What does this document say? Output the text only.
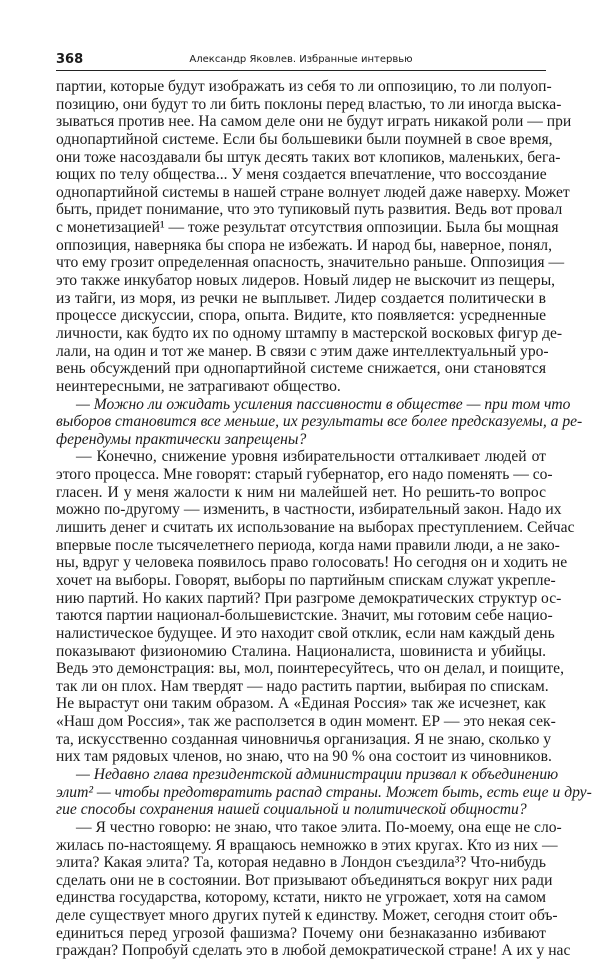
368	Александр Яковлев. Избранные интервью
партии, которые будут изображать из себя то ли оппозицию, то ли полуоп-
позицию, они будут то ли бить поклоны перед властью, то ли иногда выска-
зываться против нее. На самом деле они не будут играть никакой роли — при
однопартийной системе. Если бы большевики были поумней в свое время,
они тоже насоздавали бы штук десять таких вот клопиков, маленьких, бега-
ющих по телу общества... У меня создается впечатление, что воссоздание
однопартийной системы в нашей стране волнует людей даже наверху. Может
быть, придет понимание, что это тупиковый путь развития. Ведь вот провал
с монетизацией¹ — тоже результат отсутствия оппозиции. Была бы мощная
оппозиция, наверняка бы спора не избежать. И народ бы, наверное, понял,
что ему грозит определенная опасность, значительно раньше. Оппозиция —
это также инкубатор новых лидеров. Новый лидер не выскочит из пещеры,
из тайги, из моря, из речки не выплывет. Лидер создается политически в
процессе дискуссии, спора, опыта. Видите, кто появляется: усредненные
личности, как будто их по одному штампу в мастерской восковых фигур де-
лали, на один и тот же манер. В связи с этим даже интеллектуальный уро-
вень обсуждений при однопартийной системе снижается, они становятся
неинтересными, не затрагивают общество.
— Можно ли ожидать усиления пассивности в обществе — при том что
выборов становится все меньше, их результаты все более предсказуемы, а ре-
ферендумы практически запрещены?
— Конечно, снижение уровня избирательности отталкивает людей от
этого процесса. Мне говорят: старый губернатор, его надо поменять — со-
гласен. И у меня жалости к ним ни малейшей нет. Но решить-то вопрос
можно по-другому — изменить, в частности, избирательный закон. Надо их
лишить денег и считать их использование на выборах преступлением. Сейчас
впервые после тысячелетнего периода, когда нами правили люди, а не зако-
ны, вдруг у человека появилось право голосовать! Но сегодня он и ходить не
хочет на выборы. Говорят, выборы по партийным спискам служат укрепле-
нию партий. Но каких партий? При разгроме демократических структур ос-
таются партии национал-большевистские. Значит, мы готовим себе нацио-
налистическое будущее. И это находит свой отклик, если нам каждый день
показывают физиономию Сталина. Националиста, шовиниста и убийцы.
Ведь это демонстрация: вы, мол, поинтересуйтесь, что он делал, и поищите,
так ли он плох. Нам твердят — надо растить партии, выбирая по спискам.
Не вырастут они таким образом. А «Единая Россия» так же исчезнет, как
«Наш дом Россия», так же расползется в один момент. ЕР — это некая сек-
та, искусственно созданная чиновничья организация. Я не знаю, сколько у
них там рядовых членов, но знаю, что на 90 % она состоит из чиновников.
— Недавно глава президентской администрации призвал к объединению
элит² — чтобы предотвратить распад страны. Может быть, есть еще и дру-
гие способы сохранения нашей социальной и политической общности?
— Я честно говорю: не знаю, что такое элита. По-моему, она еще не сло-
жилась по-настоящему. Я вращаюсь немножко в этих кругах. Кто из них —
элита? Какая элита? Та, которая недавно в Лондон съездила³? Что-нибудь
сделать они не в состоянии. Вот призывают объединяться вокруг них ради
единства государства, которому, кстати, никто не угрожает, хотя на самом
деле существует много других путей к единству. Может, сегодня стоит объ-
единиться перед угрозой фашизма? Почему они безнаказанно избивают
граждан? Попробуй сделать это в любой демократической стране! А их у нас
